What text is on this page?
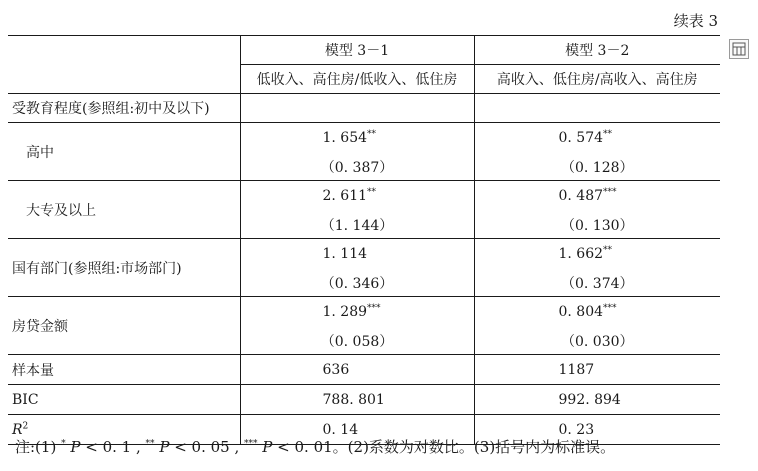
续表 3
	模型 3－1	模型 3－2
	低收入、高住房/低收入、低住房	高收入、低住房/高收入、高住房
受教育程度(参照组:初中及以下)		
高中	1. 654**	0. 574**
	（0. 387）	（0. 128）
大专及以上	2. 611**	0. 487***
	（1. 144）	（0. 130）
国有部门(参照组:市场部门)	1. 114	1. 662**
	（0. 346）	（0. 374）
房贷金额	1. 289***	0. 804***
	（0. 058）	（0. 030）
样本量	636	1187
BIC	788. 801	992. 894
$R^2$	0. 14	0. 23
注:(1) * P < 0. 1 , ** P < 0. 05 , *** P < 0. 01。(2)系数为对数比。(3)括号内为标准误。
